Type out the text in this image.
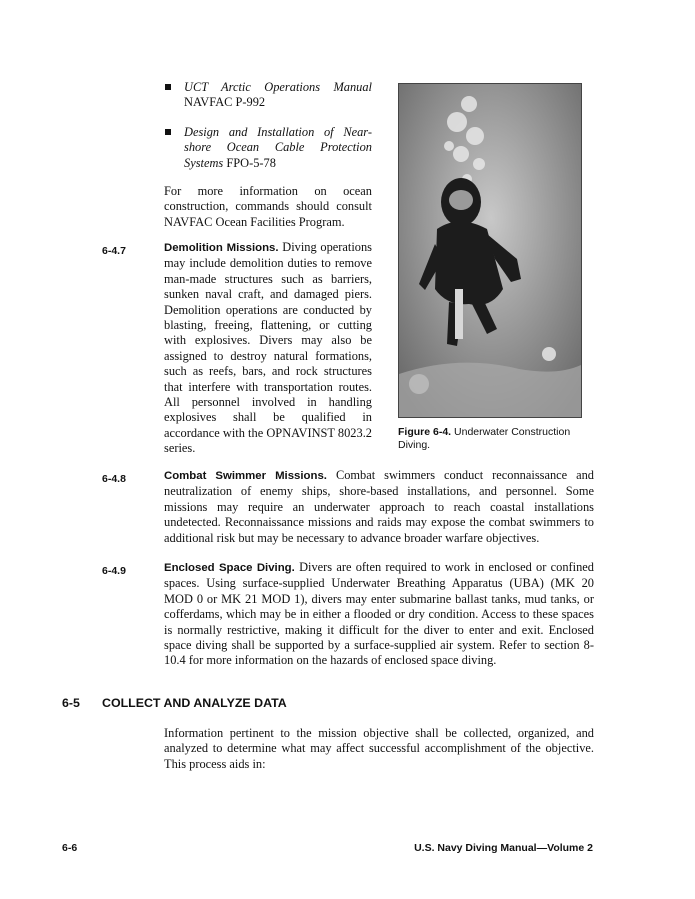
UCT Arctic Operations Manual NAVFAC P-992
Design and Installation of Near-shore Ocean Cable Protection Systems FPO-5-78
For more information on ocean construction, commands should consult NAVFAC Ocean Facilities Program.
6-4.7	Demolition Missions. Diving operations may include demolition duties to remove man-made structures such as barriers, sunken naval craft, and damaged piers. Demolition operations are conducted by blasting, freeing, flattening, or cutting with explosives. Divers may also be assigned to destroy natural formations, such as reefs, bars, and rock structures that interfere with transportation routes. All personnel involved in handling explosives shall be qualified in accordance with the OPNAVINST 8023.2 series.
Figure 6-4. Underwater Construction Diving.
6-4.8	Combat Swimmer Missions. Combat swimmers conduct reconnaissance and neutralization of enemy ships, shore-based installations, and personnel. Some missions may require an underwater approach to reach coastal installations undetected. Reconnaissance missions and raids may expose the combat swimmers to additional risk but may be necessary to advance broader warfare objectives.
6-4.9	Enclosed Space Diving. Divers are often required to work in enclosed or confined spaces. Using surface-supplied Underwater Breathing Apparatus (UBA) (MK 20 MOD 0 or MK 21 MOD 1), divers may enter submarine ballast tanks, mud tanks, or cofferdams, which may be in either a flooded or dry condition. Access to these spaces is normally restrictive, making it difficult for the diver to enter and exit. Enclosed space diving shall be supported by a surface-supplied air system. Refer to section 8-10.4 for more information on the hazards of enclosed space diving.
6-5 COLLECT AND ANALYZE DATA
Information pertinent to the mission objective shall be collected, organized, and analyzed to determine what may affect successful accomplishment of the objective. This process aids in:
6-6	U.S. Navy Diving Manual—Volume 2
